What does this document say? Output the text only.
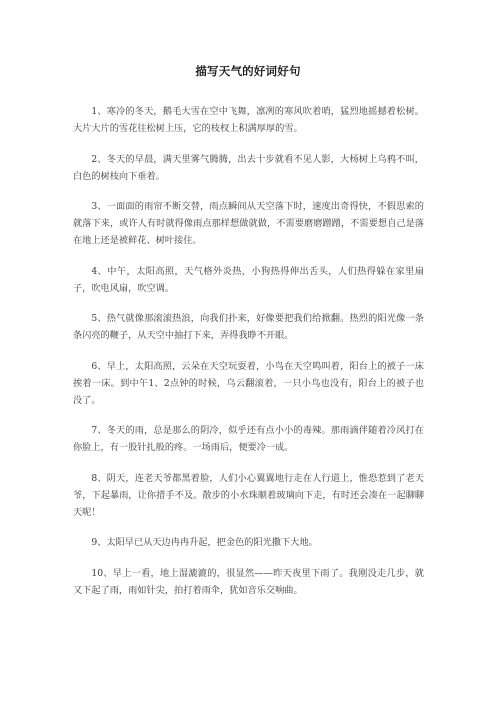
描写天气的好词好句

1、寒冷的冬天，鹅毛大雪在空中飞舞，凛冽的寒风吹着哨，猛烈地摇撼着松树。大片大片的雪花往松树上压，它的枝杈上积满厚厚的雪。

2、冬天的早晨，满天里雾气腾腾，出去十步就看不见人影，大杨树上乌鸦不叫，白色的树枝向下垂着。

3、一面面的雨帘不断交替，雨点瞬间从天空落下时，速度出奇得快，不假思索的就落下来，或许人有时就得像雨点那样想做就做，不需要磨磨蹭蹭，不需要想自己是落在地上还是被鲜花、树叶接住。

4、中午，太阳高照，天气格外炎热，小狗热得伸出舌头，人们热得躲在家里扇子，吹电风扇，吹空调。

5、热气就像那滚滚热浪，向我们扑来，好像要把我们给掀翻。热烈的阳光像一条条闪亮的鞭子，从天空中抽打下来，弄得我睁不开眼。

6、早上，太阳高照，云朵在天空玩耍着，小鸟在天空鸣叫着，阳台上的被子一床挨着一床。到中午1、2点钟的时候，乌云翻滚着，一只小鸟也没有，阳台上的被子也没了。

7、冬天的雨，总是那么的阴冷，似乎还有点小小的毒辣。那雨滴伴随着冷风打在你脸上，有一股针扎般的疼。一场雨后，便要冷一成。

8、阴天，连老天爷都黑着脸，人们小心翼翼地行走在人行道上，惟恐惹到了老天爷，下起暴雨，让你措手不及。散步的小水珠顺着玻璃向下走，有时还会凑在一起聊聊天呢！

9、太阳早已从天边冉冉升起，把金色的阳光撒下大地。

10、早上一看，地上湿漉漉的，很显然——昨天夜里下雨了。我刚没走几步，就又下起了雨，雨如针尖，拍打着雨伞，犹如音乐交响曲。
